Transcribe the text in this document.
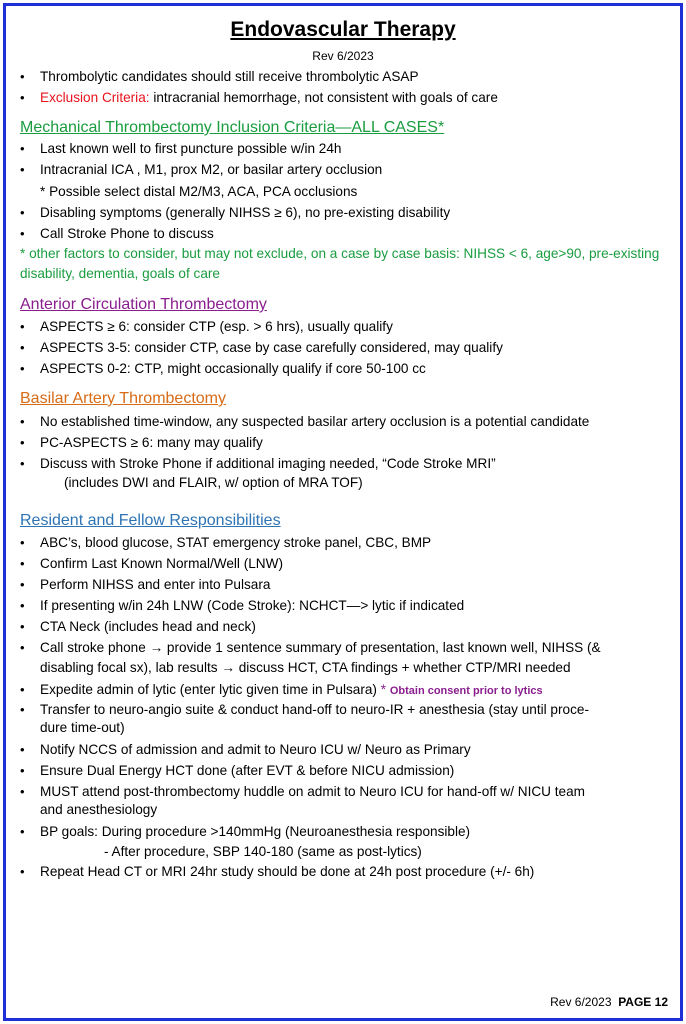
Endovascular Therapy
Rev 6/2023
• Thrombolytic candidates should still receive thrombolytic ASAP
• Exclusion Criteria: intracranial hemorrhage, not consistent with goals of care
Mechanical Thrombectomy Inclusion Criteria—ALL CASES*
• Last known well to first puncture possible w/in 24h
• Intracranial ICA , M1, prox M2, or basilar artery occlusion
* Possible select distal M2/M3, ACA, PCA occlusions
• Disabling symptoms (generally NIHSS ≥ 6), no pre-existing disability
• Call Stroke Phone to discuss
* other factors to consider, but may not exclude, on a case by case basis: NIHSS < 6, age>90, pre-existing disability, dementia, goals of care
Anterior Circulation Thrombectomy
• ASPECTS ≥ 6: consider CTP (esp. > 6 hrs), usually qualify
• ASPECTS 3-5: consider CTP, case by case carefully considered, may qualify
• ASPECTS 0-2: CTP, might occasionally qualify if core 50-100 cc
Basilar Artery Thrombectomy
• No established time-window, any suspected basilar artery occlusion is a potential candidate
• PC-ASPECTS ≥ 6: many may qualify
• Discuss with Stroke Phone if additional imaging needed, “Code Stroke MRI”
(includes DWI and FLAIR, w/ option of MRA TOF)
Resident and Fellow Responsibilities
• ABC’s, blood glucose, STAT emergency stroke panel, CBC, BMP
• Confirm Last Known Normal/Well (LNW)
• Perform NIHSS and enter into Pulsara
• If presenting w/in 24h LNW (Code Stroke): NCHCT—> lytic if indicated
• CTA Neck (includes head and neck)
• Call stroke phone → provide 1 sentence summary of presentation, last known well, NIHSS (&
disabling focal sx), lab results → discuss HCT, CTA findings + whether CTP/MRI needed
• Expedite admin of lytic (enter lytic given time in Pulsara) * Obtain consent prior to lytics
• Transfer to neuro-angio suite & conduct hand-off to neuro-IR + anesthesia (stay until proce-
dure time-out)
• Notify NCCS of admission and admit to Neuro ICU w/ Neuro as Primary
• Ensure Dual Energy HCT done (after EVT & before NICU admission)
• MUST attend post-thrombectomy huddle on admit to Neuro ICU for hand-off w/ NICU team
and anesthesiology
• BP goals: During procedure >140mmHg (Neuroanesthesia responsible)
- After procedure, SBP 140-180 (same as post-lytics)
• Repeat Head CT or MRI 24hr study should be done at 24h post procedure (+/- 6h)
Rev 6/2023 PAGE 12
